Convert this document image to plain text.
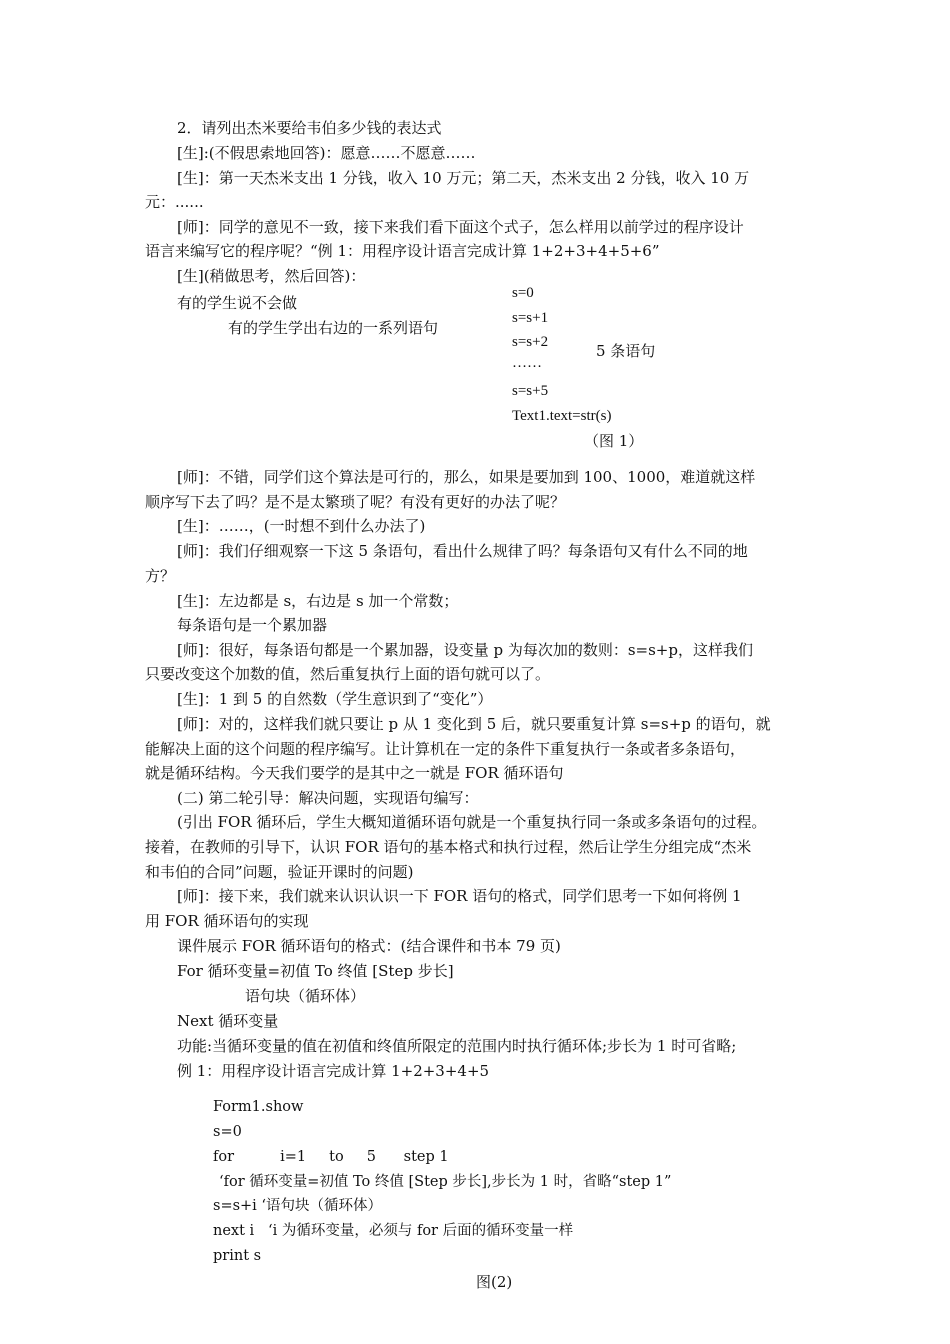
2．请列出杰米要给韦伯多少钱的表达式
[生]:(不假思索地回答)：愿意……不愿意……
[生]：第一天杰米支出 1 分钱，收入 10 万元；第二天，杰米支出 2 分钱，收入 10 万
元：......
[师]：同学的意见不一致，接下来我们看下面这个式子，怎么样用以前学过的程序设计
语言来编写它的程序呢？“例 1：用程序设计语言完成计算 1+2+3+4+5+6”
[生](稍做思考，然后回答)：
有的学生说不会做
有的学生学出右边的一系列语句
s=0
s=s+1
s=s+2
……
s=s+5
Text1.text=str(s)
5 条语句
（图 1）
[师]：不错，同学们这个算法是可行的，那么，如果是要加到 100、1000，难道就这样
顺序写下去了吗？是不是太繁琐了呢？有没有更好的办法了呢？
[生]：……，(一时想不到什么办法了)
[师]：我们仔细观察一下这 5 条语句，看出什么规律了吗？每条语句又有什么不同的地
方？
[生]：左边都是 s，右边是 s 加一个常数；
每条语句是一个累加器
[师]：很好，每条语句都是一个累加器，设变量 p 为每次加的数则：s=s+p，这样我们
只要改变这个加数的值，然后重复执行上面的语句就可以了。
[生]：1 到 5 的自然数（学生意识到了“变化”）
[师]：对的，这样我们就只要让 p 从 1 变化到 5 后，就只要重复计算 s=s+p 的语句，就
能解决上面的这个问题的程序编写。让计算机在一定的条件下重复执行一条或者多条语句，
就是循环结构。今天我们要学的是其中之一就是 FOR 循环语句
(二) 第二轮引导：解决问题，实现语句编写：
(引出 FOR 循环后，学生大概知道循环语句就是一个重复执行同一条或多条语句的过程。
接着，在教师的引导下，认识 FOR 语句的基本格式和执行过程，然后让学生分组完成“杰米
和韦伯的合同”问题，验证开课时的问题)
[师]：接下来，我们就来认识认识一下 FOR 语句的格式，同学们思考一下如何将例 1
用 FOR 循环语句的实现
课件展示 FOR 循环语句的格式：(结合课件和书本 79 页)
For 循环变量=初值 To 终值 [Step 步长]
语句块（循环体）
Next 循环变量
功能:当循环变量的值在初值和终值所限定的范围内时执行循环体;步长为 1 时可省略;
例 1：用程序设计语言完成计算 1+2+3+4+5
Form1.show
s=0
for          i=1     to     5      step 1
‘for 循环变量=初值 To 终值 [Step 步长],步长为 1 时，省略“step 1”
s=s+i ‘语句块（循环体）
next i   ‘i 为循环变量，必须与 for 后面的循环变量一样
print s
图(2)
